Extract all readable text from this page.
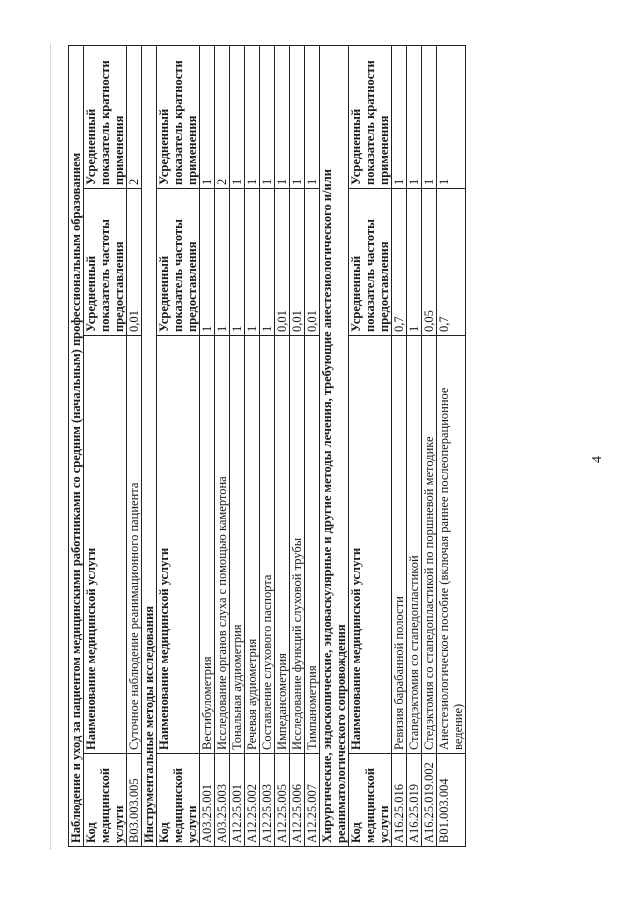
4
Наблюдение и уход за пациентом медицинскими работниками со средним (начальным) профессиональным образованием			
Код медицинской услуги	Наименование медицинской услуги	Усредненный показатель частоты предоставления	Усредненный показатель кратности применения
B03.003.005	Суточное наблюдение реанимационного пациента	0,01	2
Инструментальные методы исследования			
Код медицинской услуги	Наименование медицинской услуги	Усредненный показатель частоты предоставления	Усредненный показатель кратности применения
A03.25.001	Вестибулометрия	1	1
A03.25.003	Исследование органов слуха с помощью камертона	1	2
A12.25.001	Тональная аудиометрия	1	1
A12.25.002	Речевая аудиометрия	1	1
A12.25.003	Составление слухового паспорта	1	1
A12.25.005	Импедансометрия	0,01	1
A12.25.006	Исследование функций слуховой трубы	0,01	1
A12.25.007	Тимпанометрия	0,01	1
Хирургические, эндоскопические, эндоваскулярные и другие методы лечения, требующие анестезиологического и/или реаниматологического сопровождения			
Код медицинской услуги	Наименование медицинской услуги	Усредненный показатель частоты предоставления	Усредненный показатель кратности применения
A16.25.016	Ревизия барабанной полости	0,7	1
A16.25.019	Стапедэктомия со стапедопластикой	1	1
A16.25.019.002	Стедэктомия со стапедопластикой по поршневой методике	0,05	1
B01.003.004	Анестезиологическое пособие (включая раннее послеоперационное ведение)	0,7	1
